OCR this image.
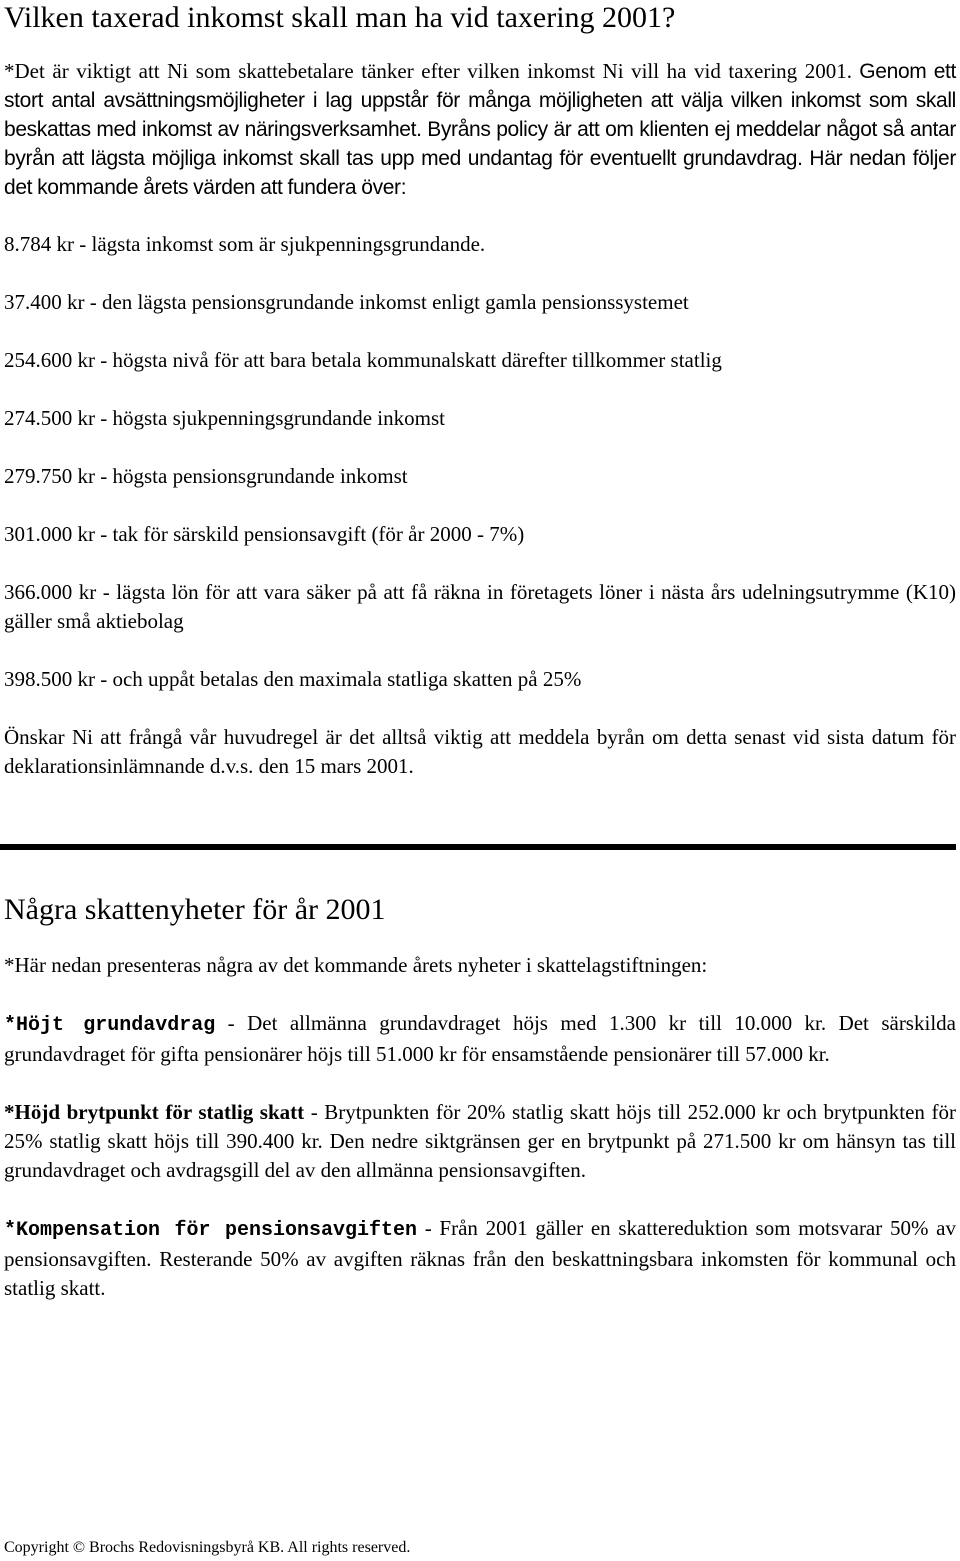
Vilken taxerad inkomst skall man ha vid taxering 2001?

*Det är viktigt att Ni som skattebetalare tänker efter vilken inkomst Ni vill ha vid taxering 2001. Genom ett stort antal avsättningsmöjligheter i lag uppstår för många möjligheten att välja vilken inkomst som skall beskattas med inkomst av näringsverksamhet. Byråns policy är att om klienten ej meddelar något så antar byrån att lägsta möjliga inkomst skall tas upp med undantag för eventuellt grundavdrag. Här nedan följer det kommande årets värden att fundera över:

8.784 kr - lägsta inkomst som är sjukpenningsgrundande.
37.400 kr - den lägsta pensionsgrundande inkomst enligt gamla pensionssystemet
254.600 kr - högsta nivå för att bara betala kommunalskatt därefter tillkommer statlig
274.500 kr - högsta sjukpenningsgrundande inkomst
279.750 kr - högsta pensionsgrundande inkomst
301.000 kr - tak för särskild pensionsavgift (för år 2000 - 7%)
366.000 kr - lägsta lön för att vara säker på att få räkna in företagets löner i nästa års udelningsutrymme (K10) gäller små aktiebolag
398.500 kr - och uppåt betalas den maximala statliga skatten på 25%

Önskar Ni att frångå vår huvudregel är det alltså viktig att meddela byrån om detta senast vid sista datum för deklarationsinlämnande d.v.s. den 15 mars 2001.

Några skattenyheter för år 2001

*Här nedan presenteras några av det kommande årets nyheter i skattelagstiftningen:

*Höjt grundavdrag - Det allmänna grundavdraget höjs med 1.300 kr till 10.000 kr. Det särskilda grundavdraget för gifta pensionärer höjs till 51.000 kr för ensamstående pensionärer till 57.000 kr.

*Höjd brytpunkt för statlig skatt - Brytpunkten för 20% statlig skatt höjs till 252.000 kr och brytpunkten för 25% statlig skatt höjs till 390.400 kr. Den nedre siktgränsen ger en brytpunkt på 271.500 kr om hänsyn tas till grundavdraget och avdragsgill del av den allmänna pensionsavgiften.

*Kompensation för pensionsavgiften - Från 2001 gäller en skattereduktion som motsvarar 50% av pensionsavgiften. Resterande 50% av avgiften räknas från den beskattningsbara inkomsten för kommunal och statlig skatt.

Copyright © Brochs Redovisningsbyrå KB. All rights reserved.
